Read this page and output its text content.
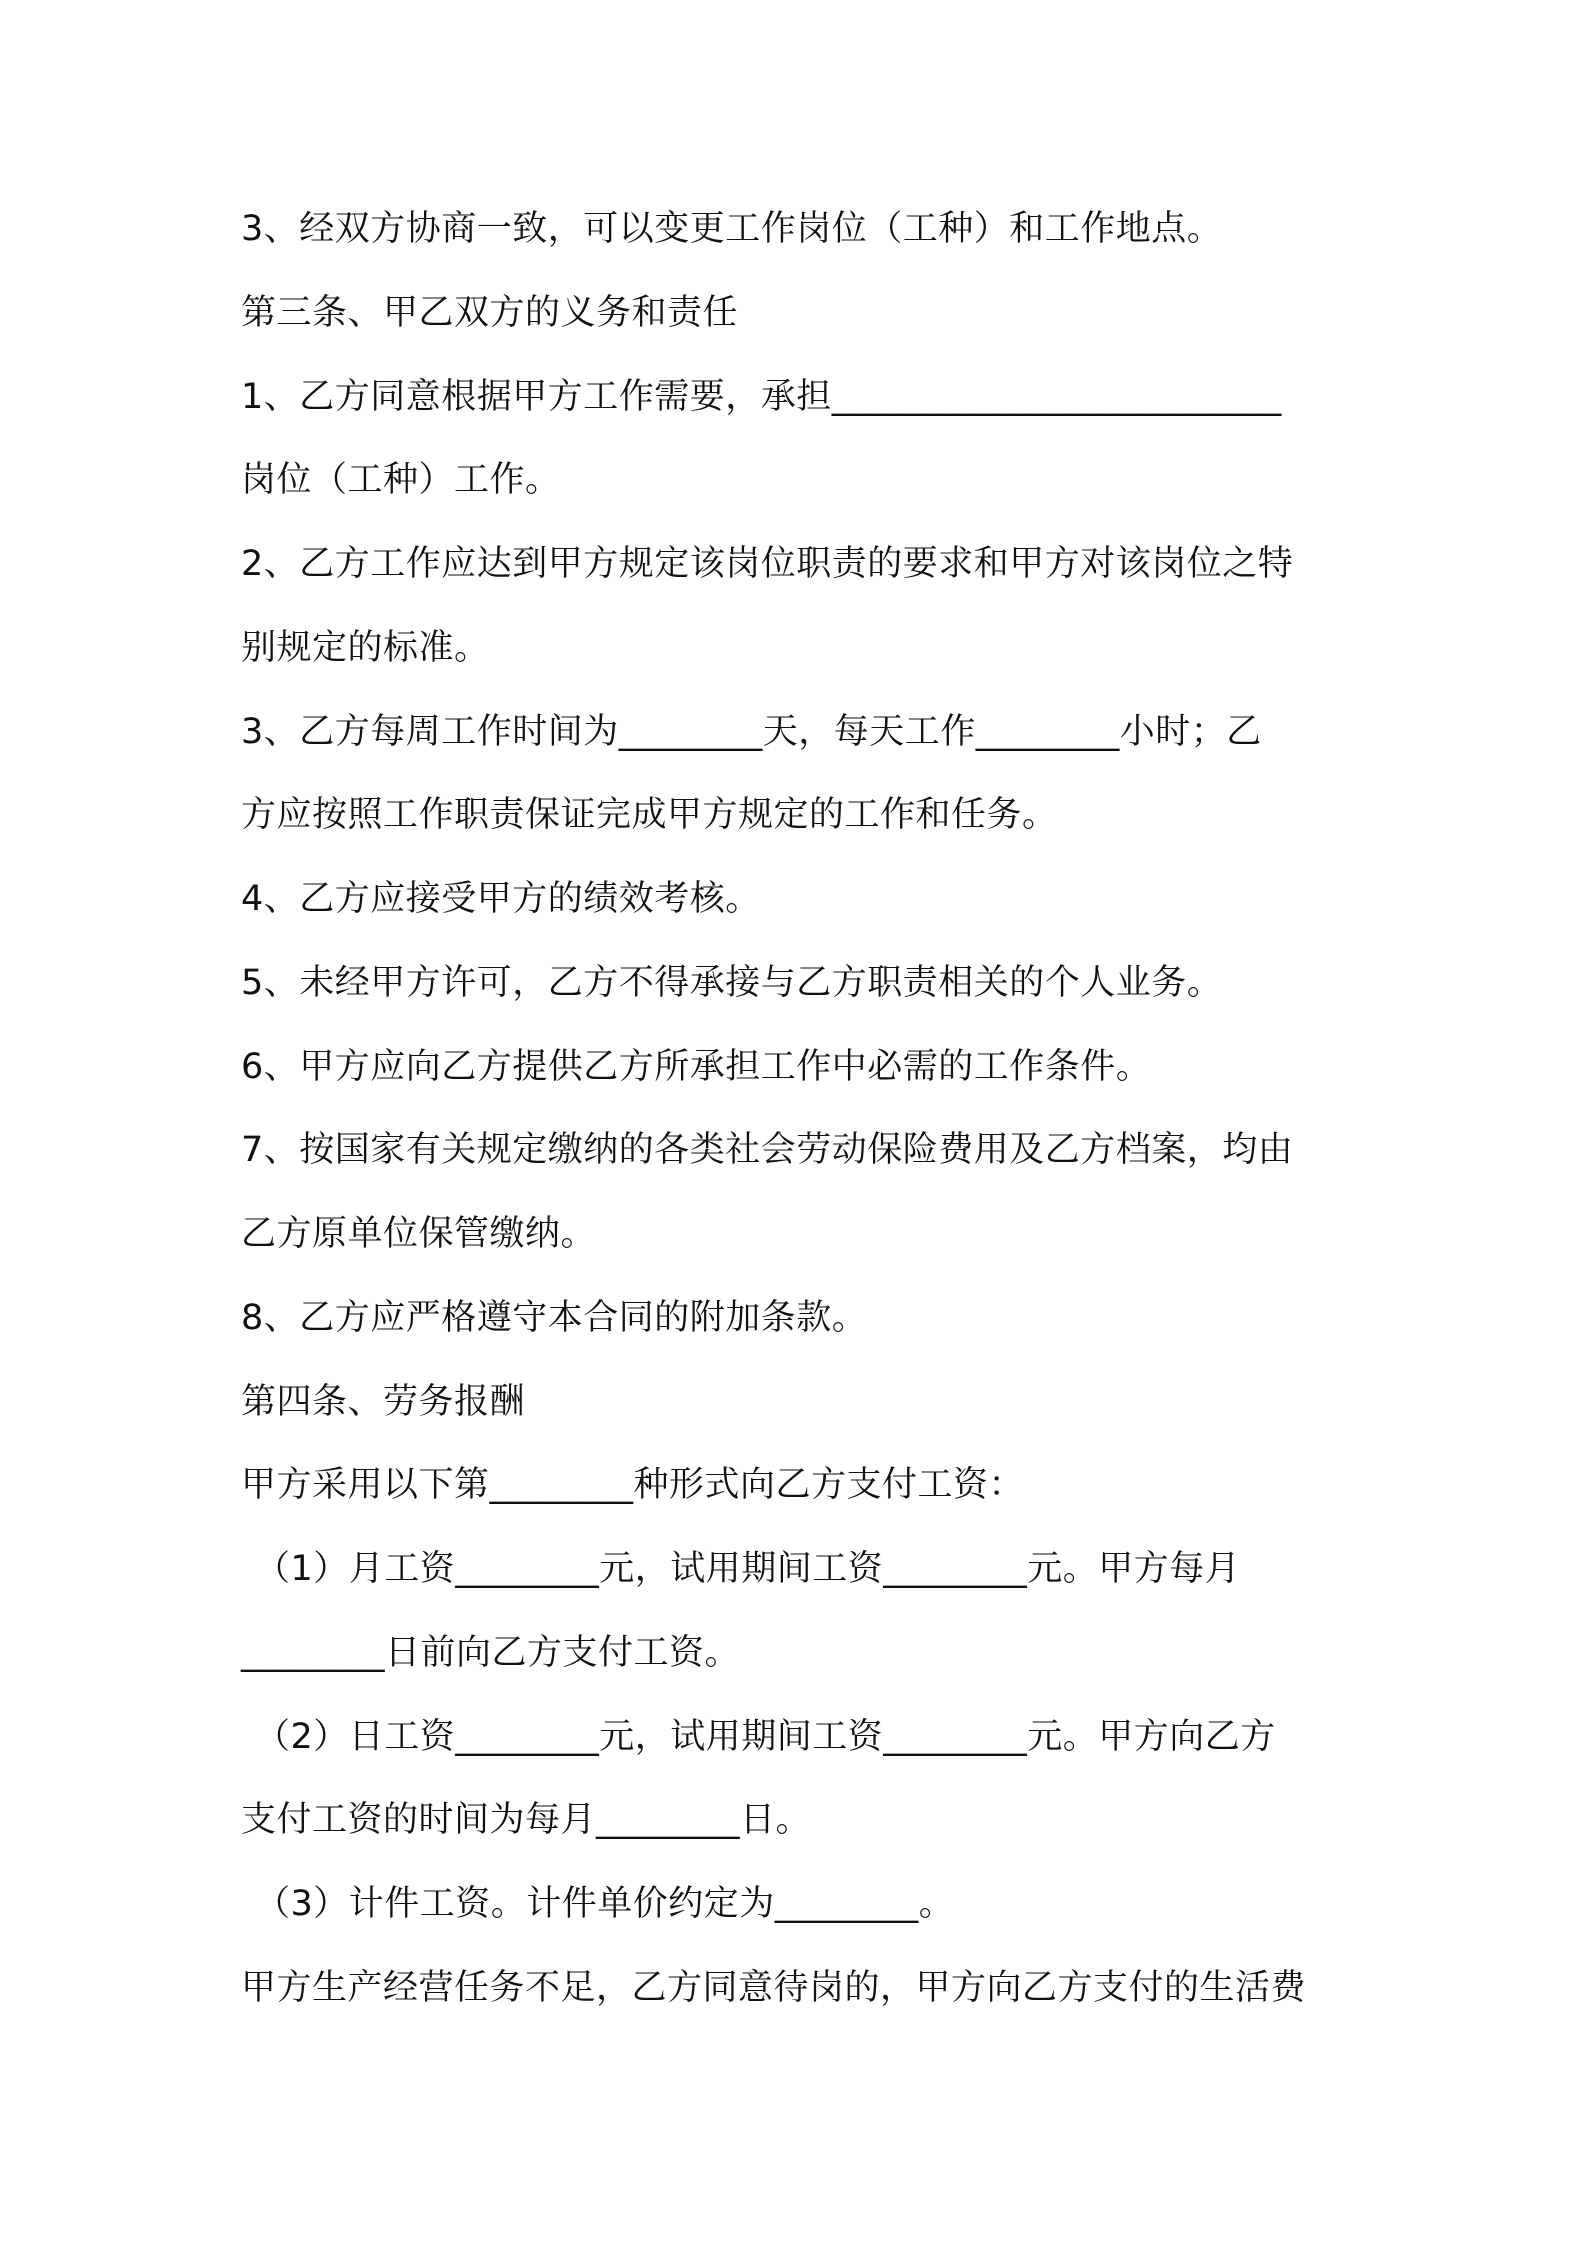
3、经双方协商一致，可以变更工作岗位（工种）和工作地点。

第三条、甲乙双方的义务和责任

1、乙方同意根据甲方工作需要，承担_________________________

岗位（工种）工作。

2、乙方工作应达到甲方规定该岗位职责的要求和甲方对该岗位之特

别规定的标准。

3、乙方每周工作时间为________天，每天工作________小时；乙

方应按照工作职责保证完成甲方规定的工作和任务。

4、乙方应接受甲方的绩效考核。

5、未经甲方许可，乙方不得承接与乙方职责相关的个人业务。

6、甲方应向乙方提供乙方所承担工作中必需的工作条件。

7、按国家有关规定缴纳的各类社会劳动保险费用及乙方档案，均由

乙方原单位保管缴纳。

8、乙方应严格遵守本合同的附加条款。

第四条、劳务报酬

甲方采用以下第________种形式向乙方支付工资：

（1）月工资________元，试用期间工资________元。甲方每月

________日前向乙方支付工资。

（2）日工资________元，试用期间工资________元。甲方向乙方

支付工资的时间为每月________日。

（3）计件工资。计件单价约定为________。

甲方生产经营任务不足，乙方同意待岗的，甲方向乙方支付的生活费
